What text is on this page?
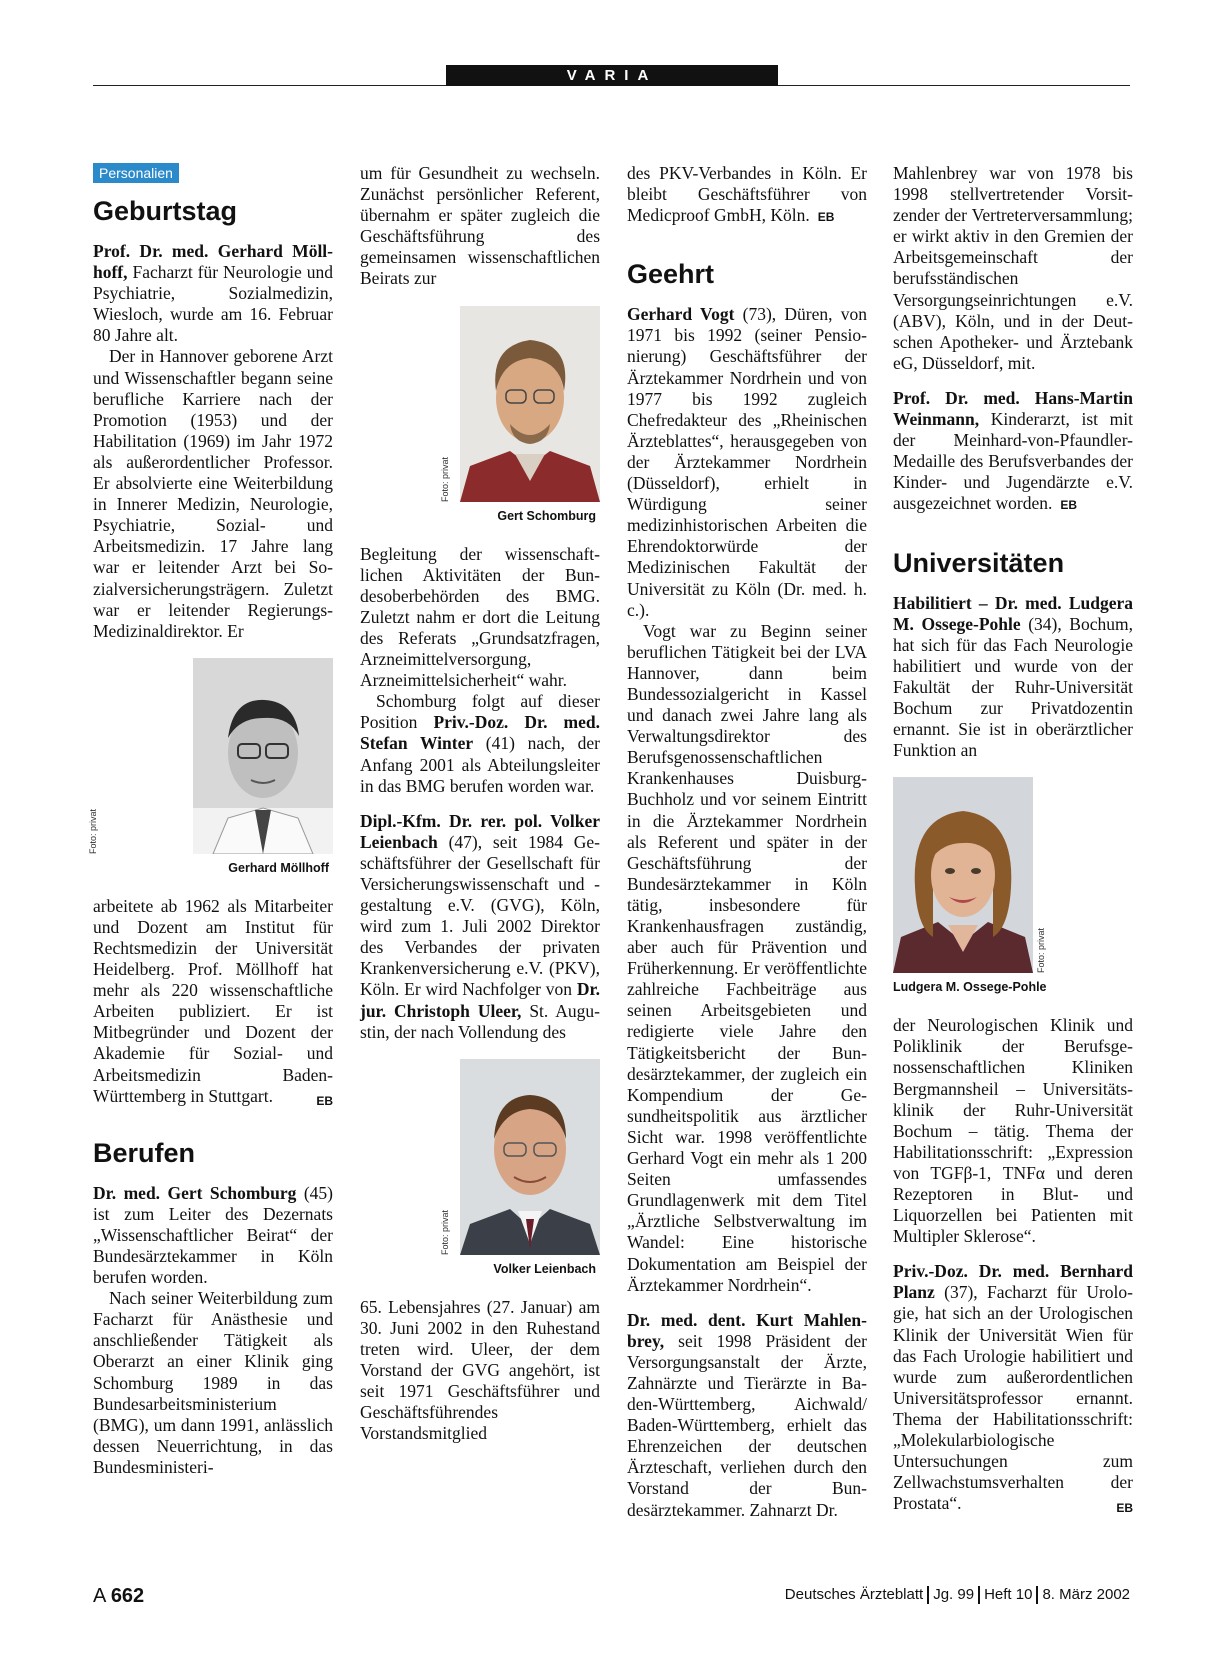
VARIA
Personalien
Geburtstag

Prof. Dr. med. Gerhard Möllhoff, Facharzt für Neurologie und Psychiatrie, Sozialmedizin, Wiesloch, wurde am 16. Februar 80 Jahre alt.

Der in Hannover geborene Arzt und Wissenschaftler begann seine berufliche Karriere nach der Promotion (1953) und der Habilitation (1969) im Jahr 1972 als außerordentlicher Professor. Er absolvierte eine Weiterbildung in Innerer Medizin, Neurologie, Psychiatrie, Sozial- und Arbeitsmedizin. 17 Jahre lang war er leitender Arzt bei Sozialversicherungsträgern. Zuletzt war er leitender Regierungs-Medizinaldirektor. Er

Foto: privat
Gerhard Möllhoff

arbeitete ab 1962 als Mitarbeiter und Dozent am Institut für Rechtsmedizin der Universität Heidelberg. Prof. Möllhoff hat mehr als 220 wissenschaftliche Arbeiten publiziert. Er ist Mitbegründer und Dozent der Akademie für Sozial- und Arbeitsmedizin Baden-Württemberg in Stuttgart.	EB

Berufen

Dr. med. Gert Schomburg (45) ist zum Leiter des Dezernats „Wissenschaftlicher Beirat“ der Bundesärztekammer in Köln berufen worden.

Nach seiner Weiterbildung zum Facharzt für Anästhesie und anschließender Tätigkeit als Oberarzt an einer Klinik ging Schomburg 1989 in das Bundesarbeitsministerium (BMG), um dann 1991, anlässlich dessen Neuerrichtung, in das Bundesministeri-

um für Gesundheit zu wechseln. Zunächst persönlicher Referent, übernahm er später zugleich die Geschäftsführung des gemeinsamen wissenschaftlichen Beirats zur

Foto: privat
Gert Schomburg

Begleitung der wissenschaftlichen Aktivitäten der Bundesoberbehörden des BMG. Zuletzt nahm er dort die Leitung des Referats „Grundsatzfragen, Arzneimittelversorgung, Arzneimittelsicherheit“ wahr.

Schomburg folgt auf dieser Position Priv.-Doz. Dr. med. Stefan Winter (41) nach, der Anfang 2001 als Abteilungsleiter in das BMG berufen worden war.

Dipl.-Kfm. Dr. rer. pol. Volker Leienbach (47), seit 1984 Geschäftsführer der Gesellschaft für Versicherungswissenschaft und -gestaltung e.V. (GVG), Köln, wird zum 1. Juli 2002 Direktor des Verbandes der privaten Krankenversicherung e.V. (PKV), Köln. Er wird Nachfolger von Dr. jur. Christoph Uleer, St. Augustin, der nach Vollendung des

Foto: privat
Volker Leienbach

65. Lebensjahres (27. Januar) am 30. Juni 2002 in den Ruhestand treten wird. Uleer, der dem Vorstand der GVG angehört, ist seit 1971 Geschäftsführer und Geschäftsführendes Vorstandsmitglied

des PKV-Verbandes in Köln. Er bleibt Geschäftsführer von Medicproof GmbH, Köln. EB

Geehrt

Gerhard Vogt (73), Düren, von 1971 bis 1992 (seiner Pensionierung) Geschäftsführer der Ärztekammer Nordrhein und von 1977 bis 1992 zugleich Chefredakteur des „Rheinischen Ärzteblattes“, herausgegeben von der Ärztekammer Nordrhein (Düsseldorf), erhielt in Würdigung seiner medizinhistorischen Arbeiten die Ehrendoktorwürde der Medizinischen Fakultät der Universität zu Köln (Dr. med. h. c.).

Vogt war zu Beginn seiner beruflichen Tätigkeit bei der LVA Hannover, dann beim Bundessozialgericht in Kassel und danach zwei Jahre lang als Verwaltungsdirektor des Berufsgenossenschaftlichen Krankenhauses Duisburg-Buchholz und vor seinem Eintritt in die Ärztekammer Nordrhein als Referent und später in der Geschäftsführung der Bundesärztekammer in Köln tätig, insbesondere für Krankenhausfragen zuständig, aber auch für Prävention und Früherkennung. Er veröffentlichte zahlreiche Fachbeiträge aus seinen Arbeitsgebieten und redigierte viele Jahre den Tätigkeitsbericht der Bundesärztekammer, der zugleich ein Kompendium der Gesundheitspolitik aus ärztlicher Sicht war. 1998 veröffentlichte Gerhard Vogt ein mehr als 1 200 Seiten umfassendes Grundlagenwerk mit dem Titel „Ärztliche Selbstverwaltung im Wandel: Eine historische Dokumentation am Beispiel der Ärztekammer Nordrhein“.

Dr. med. dent. Kurt Mahlenbrey, seit 1998 Präsident der Versorgungsanstalt der Ärzte, Zahnärzte und Tierärzte in Baden-Württemberg, Aichwald/ Baden-Württemberg, erhielt das Ehrenzeichen der deutschen Ärzteschaft, verliehen durch den Vorstand der Bundesärztekammer. Zahnarzt Dr.

Mahlenbrey war von 1978 bis 1998 stellvertretender Vorsitzender der Vertreterversammlung; er wirkt aktiv in den Gremien der Arbeitsgemeinschaft der berufsständischen Versorgungseinrichtungen e.V. (ABV), Köln, und in der Deutschen Apotheker- und Ärztebank eG, Düsseldorf, mit.

Prof. Dr. med. Hans-Martin Weinmann, Kinderarzt, ist mit der Meinhard-von-Pfaundler-Medaille des Berufsverbandes der Kinder- und Jugendärzte e.V. ausgezeichnet worden. EB

Universitäten

Habilitiert – Dr. med. Ludgera M. Ossege-Pohle (34), Bochum, hat sich für das Fach Neurologie habilitiert und wurde von der Fakultät der Ruhr-Universität Bochum zur Privatdozentin ernannt. Sie ist in oberärztlicher Funktion an

Foto: privat
Ludgera M. Ossege-Pohle

der Neurologischen Klinik und Poliklinik der Berufsgenossenschaftlichen Kliniken Bergmannsheil – Universitätsklinik der Ruhr-Universität Bochum – tätig. Thema der Habilitationsschrift: „Expression von TGFβ-1, TNFα und deren Rezeptoren in Blut- und Liquorzellen bei Patienten mit Multipler Sklerose“.

Priv.-Doz. Dr. med. Bernhard Planz (37), Facharzt für Urologie, hat sich an der Urologischen Klinik der Universität Wien für das Fach Urologie habilitiert und wurde zum außerordentlichen Universitätsprofessor ernannt. Thema der Habilitationsschrift: „Molekularbiologische Untersuchungen zum Zellwachstumsverhalten der Prostata“.	EB

A 662	Deutsches Ärzteblatt Jg. 99 Heft 10 8. März 2002
